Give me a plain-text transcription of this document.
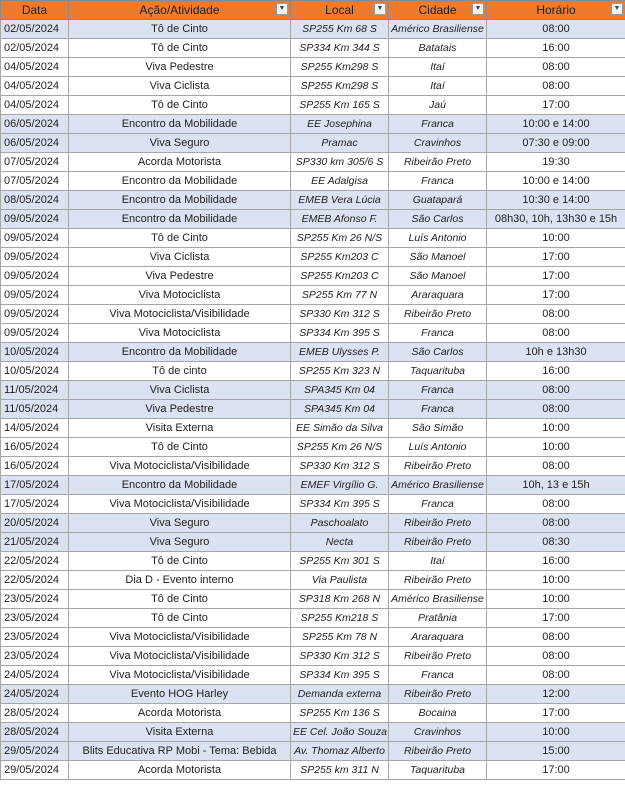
Data	Ação/Atividade ▼	Local ▼	Cidade ▼	Horário ▼

02/05/2024	Tô de Cinto	SP255 Km 68 S	Américo Brasiliense	08:00
02/05/2024	Tô de Cinto	SP334 Km 344 S	Batatais	16:00
04/05/2024	Viva Pedestre	SP255 Km298 S	Itaí	08:00
04/05/2024	Viva Ciclista	SP255 Km298 S	Itaí	08:00
04/05/2024	Tô de Cinto	SP255 Km 165 S	Jaú	17:00
06/05/2024	Encontro da Mobilidade	EE Josephina	Franca	10:00 e 14:00
06/05/2024	Viva Seguro	Pramac	Cravinhos	07:30 e 09:00
07/05/2024	Acorda Motorista	SP330 km 305/6 S	Ribeirão Preto	19:30
07/05/2024	Encontro da Mobilidade	EE Adalgisa	Franca	10:00 e 14:00
08/05/2024	Encontro da Mobilidade	EMEB Vera Lúcia	Guatapará	10:30 e 14:00
09/05/2024	Encontro da Mobilidade	EMEB Afonso F.	São Carlos	08h30, 10h, 13h30 e 15h
09/05/2024	Tô de Cinto	SP255 Km 26 N/S	Luís Antonio	10:00
09/05/2024	Viva Ciclista	SP255 Km203 C	São Manoel	17:00
09/05/2024	Viva Pedestre	SP255 Km203 C	São Manoel	17:00
09/05/2024	Viva Motociclista	SP255 Km 77 N	Araraquara	17:00
09/05/2024	Viva Motociclista/Visibilidade	SP330 Km 312 S	Ribeirão Preto	08:00
09/05/2024	Viva Motociclista	SP334 Km 395 S	Franca	08:00
10/05/2024	Encontro da Mobilidade	EMEB Ulysses P.	São Carlos	10h e 13h30
10/05/2024	Tô de cinto	SP255 Km 323 N	Taquarituba	16:00
11/05/2024	Viva Ciclista	SPA345 Km 04	Franca	08:00
11/05/2024	Viva Pedestre	SPA345 Km 04	Franca	08:00
14/05/2024	Visita Externa	EE Simão da Silva	São Simão	10:00
16/05/2024	Tô de Cinto	SP255 Km 26 N/S	Luís Antonio	10:00
16/05/2024	Viva Motociclista/Visibilidade	SP330 Km 312 S	Ribeirão Preto	08:00
17/05/2024	Encontro da Mobilidade	EMEF Virgílio G.	Américo Brasiliense	10h, 13 e 15h
17/05/2024	Viva Motociclista/Visibilidade	SP334 Km 395 S	Franca	08:00
20/05/2024	Viva Seguro	Paschoalato	Ribeirão Preto	08:00
21/05/2024	Viva Seguro	Necta	Ribeirão Preto	08:30
22/05/2024	Tô de Cinto	SP255 Km 301 S	Itaí	16:00
22/05/2024	Dia D - Evento interno	Via Paulista	Ribeirão Preto	10:00
23/05/2024	Tô de Cinto	SP318 Km 268 N	Américo Brasiliense	10:00
23/05/2024	Tô de Cinto	SP255 Km218 S	Pratânia	17:00
23/05/2024	Viva Motociclista/Visibilidade	SP255 Km 78 N	Araraquara	08:00
23/05/2024	Viva Motociclista/Visibilidade	SP330 Km 312 S	Ribeirão Preto	08:00
24/05/2024	Viva Motociclista/Visibilidade	SP334 Km 395 S	Franca	08:00
24/05/2024	Evento HOG Harley	Demanda externa	Ribeirão Preto	12:00
28/05/2024	Acorda Motorista	SP255 Km 136 S	Bocaina	17:00
28/05/2024	Visita Externa	EE Cel. João Souza	Cravinhos	10:00
29/05/2024	Blits Educativa RP Mobi - Tema: Bebida	Av. Thomaz Alberto	Ribeirão Preto	15:00
29/05/2024	Acorda Motorista	SP255 km 311 N	Taquarituba	17:00
